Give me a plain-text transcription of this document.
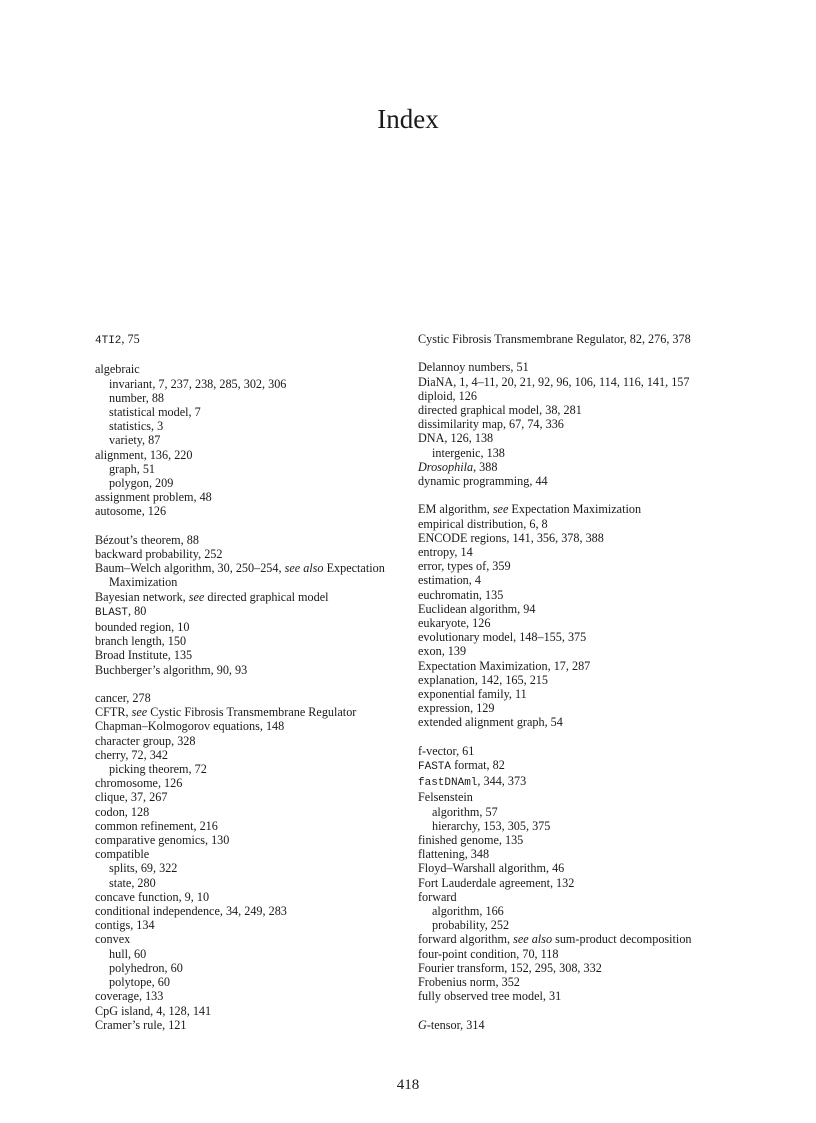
Index
4TI2, 75
algebraic
invariant, 7, 237, 238, 285, 302, 306
number, 88
statistical model, 7
statistics, 3
variety, 87
alignment, 136, 220
graph, 51
polygon, 209
assignment problem, 48
autosome, 126
Bézout’s theorem, 88
backward probability, 252
Baum–Welch algorithm, 30, 250–254, see also Expectation Maximization
Bayesian network, see directed graphical model
BLAST, 80
bounded region, 10
branch length, 150
Broad Institute, 135
Buchberger’s algorithm, 90, 93
cancer, 278
CFTR, see Cystic Fibrosis Transmembrane Regulator
Chapman–Kolmogorov equations, 148
character group, 328
cherry, 72, 342
picking theorem, 72
chromosome, 126
clique, 37, 267
codon, 128
common refinement, 216
comparative genomics, 130
compatible
splits, 69, 322
state, 280
concave function, 9, 10
conditional independence, 34, 249, 283
contigs, 134
convex
hull, 60
polyhedron, 60
polytope, 60
coverage, 133
CpG island, 4, 128, 141
Cramer’s rule, 121
Cystic Fibrosis Transmembrane Regulator, 82, 276, 378
Delannoy numbers, 51
DiaNA, 1, 4–11, 20, 21, 92, 96, 106, 114, 116, 141, 157
diploid, 126
directed graphical model, 38, 281
dissimilarity map, 67, 74, 336
DNA, 126, 138
intergenic, 138
Drosophila, 388
dynamic programming, 44
EM algorithm, see Expectation Maximization
empirical distribution, 6, 8
ENCODE regions, 141, 356, 378, 388
entropy, 14
error, types of, 359
estimation, 4
euchromatin, 135
Euclidean algorithm, 94
eukaryote, 126
evolutionary model, 148–155, 375
exon, 139
Expectation Maximization, 17, 287
explanation, 142, 165, 215
exponential family, 11
expression, 129
extended alignment graph, 54
f-vector, 61
FASTA format, 82
fastDNAml, 344, 373
Felsenstein
algorithm, 57
hierarchy, 153, 305, 375
finished genome, 135
flattening, 348
Floyd–Warshall algorithm, 46
Fort Lauderdale agreement, 132
forward
algorithm, 166
probability, 252
forward algorithm, see also sum-product decomposition
four-point condition, 70, 118
Fourier transform, 152, 295, 308, 332
Frobenius norm, 352
fully observed tree model, 31
G-tensor, 314
418
